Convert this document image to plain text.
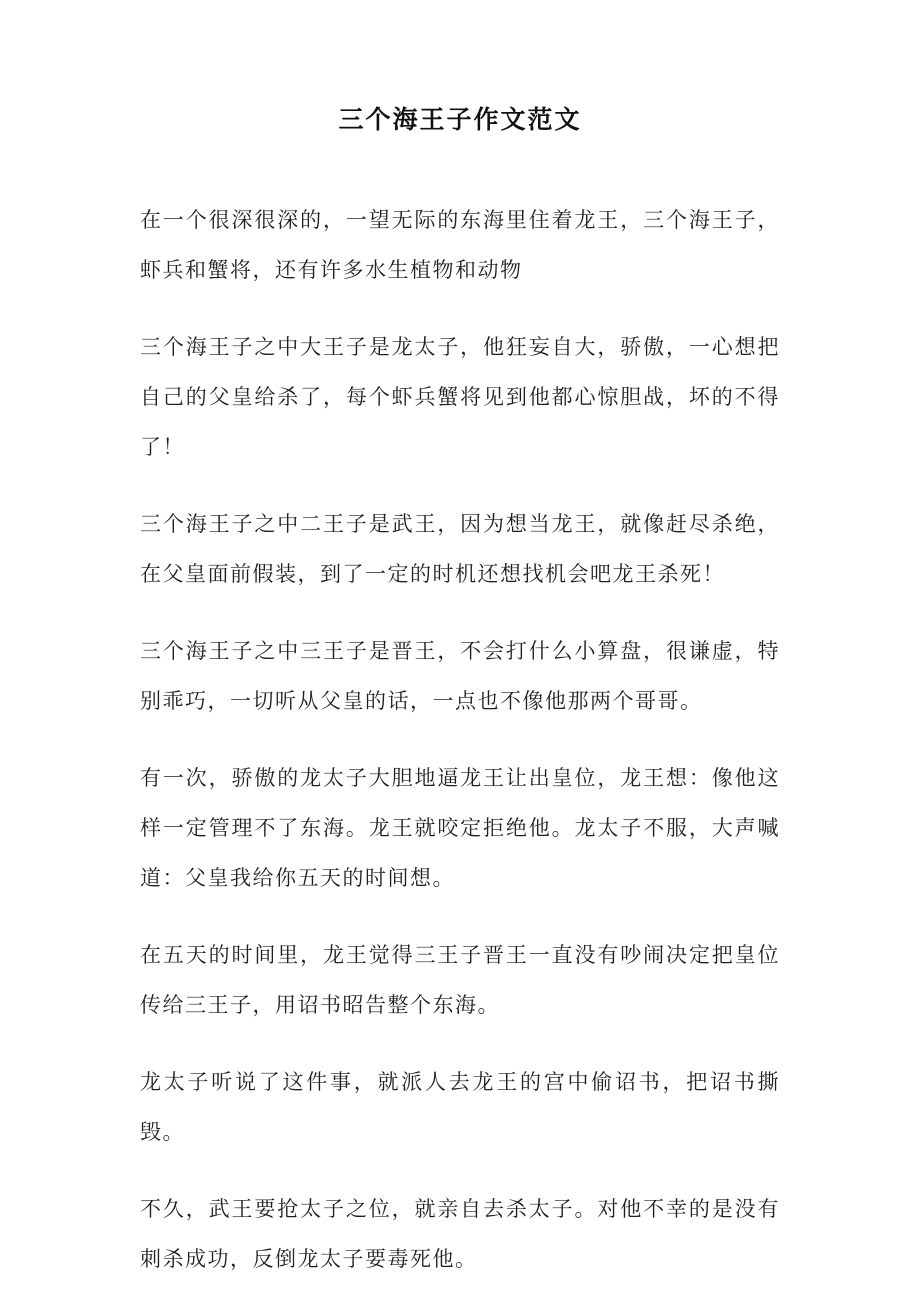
三个海王子作文范文

在一个很深很深的，一望无际的东海里住着龙王，三个海王子，虾兵和蟹将，还有许多水生植物和动物

三个海王子之中大王子是龙太子，他狂妄自大，骄傲，一心想把自己的父皇给杀了，每个虾兵蟹将见到他都心惊胆战，坏的不得了！

三个海王子之中二王子是武王，因为想当龙王，就像赶尽杀绝，在父皇面前假装，到了一定的时机还想找机会吧龙王杀死！

三个海王子之中三王子是晋王，不会打什么小算盘，很谦虚，特别乖巧，一切听从父皇的话，一点也不像他那两个哥哥。

有一次，骄傲的龙太子大胆地逼龙王让出皇位，龙王想：像他这样一定管理不了东海。龙王就咬定拒绝他。龙太子不服，大声喊道：父皇我给你五天的时间想。

在五天的时间里，龙王觉得三王子晋王一直没有吵闹决定把皇位传给三王子，用诏书昭告整个东海。

龙太子听说了这件事，就派人去龙王的宫中偷诏书，把诏书撕毁。

不久，武王要抢太子之位，就亲自去杀太子。对他不幸的是没有刺杀成功，反倒龙太子要毒死他。
